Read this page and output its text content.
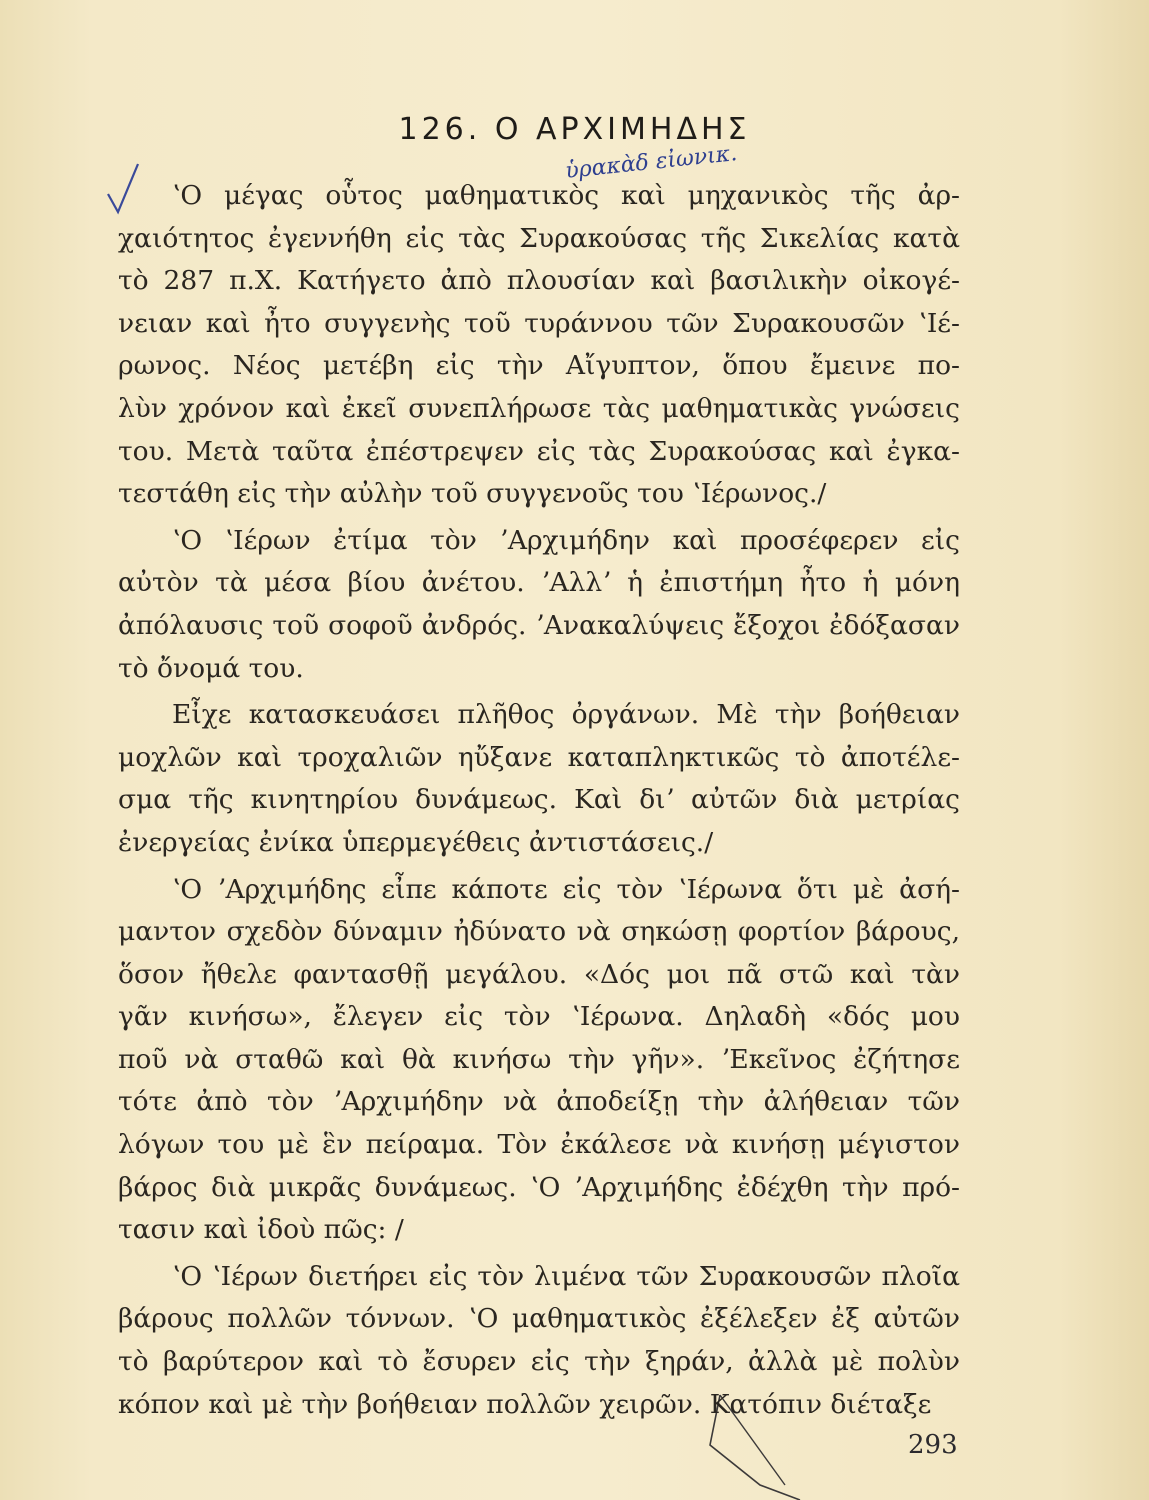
126. Ο ΑΡΧΙΜΗΔΗΣ
ὑρακὰδ εἰωνικ.
ʽΟ μέγας οὗτος μαθηματικὸς καὶ μηχανικὸς τῆς ἀρ-
χαιότητος ἐγεννήθη εἰς τὰς Συρακούσας τῆς Σικελίας κατὰ
τὸ 287 π.Χ. Κατήγετο ἀπὸ πλουσίαν καὶ βασιλικὴν οἰκογέ-
νειαν καὶ ἦτο συγγενὴς τοῦ τυράννου τῶν Συρακουσῶν ʽΙέ-
ρωνος. Νέος μετέβη εἰς τὴν Αἴγυπτον, ὅπου ἔμεινε πο-
λὺν χρόνον καὶ ἐκεῖ συνεπλήρωσε τὰς μαθηματικὰς γνώσεις
του. Μετὰ ταῦτα ἐπέστρεψεν εἰς τὰς Συρακούσας καὶ ἐγκα-
τεστάθη εἰς τὴν αὐλὴν τοῦ συγγενοῦς του ʽΙέρωνος./
ʽΟ ʽΙέρων ἐτίμα τὸν ʼΑρχιμήδην καὶ προσέφερεν εἰς
αὐτὸν τὰ μέσα βίου ἀνέτου. ʼΑλλʼ ἡ ἐπιστήμη ἦτο ἡ μόνη
ἀπόλαυσις τοῦ σοφοῦ ἀνδρός. ʼΑνακαλύψεις ἔξοχοι ἐδόξασαν
τὸ ὄνομά του.
Εἶχε κατασκευάσει πλῆθος ὀργάνων. Μὲ τὴν βοήθειαν
μοχλῶν καὶ τροχαλιῶν ηὔξανε καταπληκτικῶς τὸ ἀποτέλε-
σμα τῆς κινητηρίου δυνάμεως. Καὶ διʼ αὐτῶν διὰ μετρίας
ἐνεργείας ἐνίκα ὑπερμεγέθεις ἀντιστάσεις./
ʽΟ ʼΑρχιμήδης εἶπε κάποτε εἰς τὸν ʽΙέρωνα ὅτι μὲ ἀσή-
μαντον σχεδὸν δύναμιν ἠδύνατο νὰ σηκώσῃ φορτίον βάρους,
ὅσον ἤθελε φαντασθῇ μεγάλου. «Δός μοι πᾶ στῶ καὶ τὰν
γᾶν κινήσω», ἔλεγεν εἰς τὸν ʽΙέρωνα. Δηλαδὴ «δός μου
ποῦ νὰ σταθῶ καὶ θὰ κινήσω τὴν γῆν». ʼΕκεῖνος ἐζήτησε
τότε ἀπὸ τὸν ʼΑρχιμήδην νὰ ἀποδείξῃ τὴν ἀλήθειαν τῶν
λόγων του μὲ ἓν πείραμα. Τὸν ἐκάλεσε νὰ κινήσῃ μέγιστον
βάρος διὰ μικρᾶς δυνάμεως. ʽΟ ʼΑρχιμήδης ἐδέχθη τὴν πρό-
τασιν καὶ ἰδοὺ πῶς: /
ʽΟ ʽΙέρων διετήρει εἰς τὸν λιμένα τῶν Συρακουσῶν πλοῖα
βάρους πολλῶν τόννων. ʽΟ μαθηματικὸς ἐξέλεξεν ἐξ αὐτῶν
τὸ βαρύτερον καὶ τὸ ἔσυρεν εἰς τὴν ξηράν, ἀλλὰ μὲ πολὺν
κόπον καὶ μὲ τὴν βοήθειαν πολλῶν χειρῶν. Κατόπιν διέταξε
293
